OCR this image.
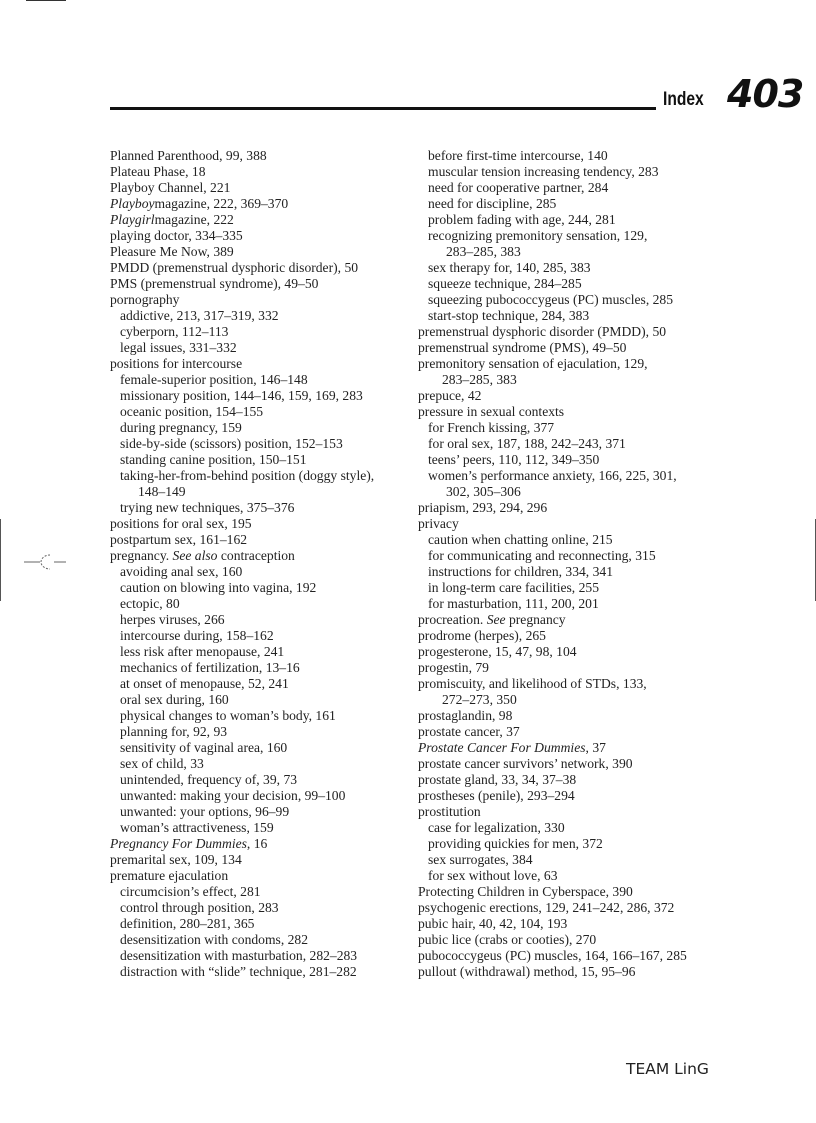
Index 403
Planned Parenthood, 99, 388
Plateau Phase, 18
Playboy Channel, 221
Playboymagazine, 222, 369–370
Playgirlmagazine, 222
playing doctor, 334–335
Pleasure Me Now, 389
PMDD (premenstrual dysphoric disorder), 50
PMS (premenstrual syndrome), 49–50
pornography
addictive, 213, 317–319, 332
cyberporn, 112–113
legal issues, 331–332
positions for intercourse
female-superior position, 146–148
missionary position, 144–146, 159, 169, 283
oceanic position, 154–155
during pregnancy, 159
side-by-side (scissors) position, 152–153
standing canine position, 150–151
taking-her-from-behind position (doggy style),
148–149
trying new techniques, 375–376
positions for oral sex, 195
postpartum sex, 161–162
pregnancy. See also contraception
avoiding anal sex, 160
caution on blowing into vagina, 192
ectopic, 80
herpes viruses, 266
intercourse during, 158–162
less risk after menopause, 241
mechanics of fertilization, 13–16
at onset of menopause, 52, 241
oral sex during, 160
physical changes to woman’s body, 161
planning for, 92, 93
sensitivity of vaginal area, 160
sex of child, 33
unintended, frequency of, 39, 73
unwanted: making your decision, 99–100
unwanted: your options, 96–99
woman’s attractiveness, 159
Pregnancy For Dummies, 16
premarital sex, 109, 134
premature ejaculation
circumcision’s effect, 281
control through position, 283
definition, 280–281, 365
desensitization with condoms, 282
desensitization with masturbation, 282–283
distraction with “slide” technique, 281–282
before first-time intercourse, 140
muscular tension increasing tendency, 283
need for cooperative partner, 284
need for discipline, 285
problem fading with age, 244, 281
recognizing premonitory sensation, 129,
283–285, 383
sex therapy for, 140, 285, 383
squeeze technique, 284–285
squeezing pubococcygeus (PC) muscles, 285
start-stop technique, 284, 383
premenstrual dysphoric disorder (PMDD), 50
premenstrual syndrome (PMS), 49–50
premonitory sensation of ejaculation, 129,
283–285, 383
prepuce, 42
pressure in sexual contexts
for French kissing, 377
for oral sex, 187, 188, 242–243, 371
teens’ peers, 110, 112, 349–350
women’s performance anxiety, 166, 225, 301,
302, 305–306
priapism, 293, 294, 296
privacy
caution when chatting online, 215
for communicating and reconnecting, 315
instructions for children, 334, 341
in long-term care facilities, 255
for masturbation, 111, 200, 201
procreation. See pregnancy
prodrome (herpes), 265
progesterone, 15, 47, 98, 104
progestin, 79
promiscuity, and likelihood of STDs, 133,
272–273, 350
prostaglandin, 98
prostate cancer, 37
Prostate Cancer For Dummies, 37
prostate cancer survivors’ network, 390
prostate gland, 33, 34, 37–38
prostheses (penile), 293–294
prostitution
case for legalization, 330
providing quickies for men, 372
sex surrogates, 384
for sex without love, 63
Protecting Children in Cyberspace, 390
psychogenic erections, 129, 241–242, 286, 372
pubic hair, 40, 42, 104, 193
pubic lice (crabs or cooties), 270
pubococcygeus (PC) muscles, 164, 166–167, 285
pullout (withdrawal) method, 15, 95–96
TEAM LinG
